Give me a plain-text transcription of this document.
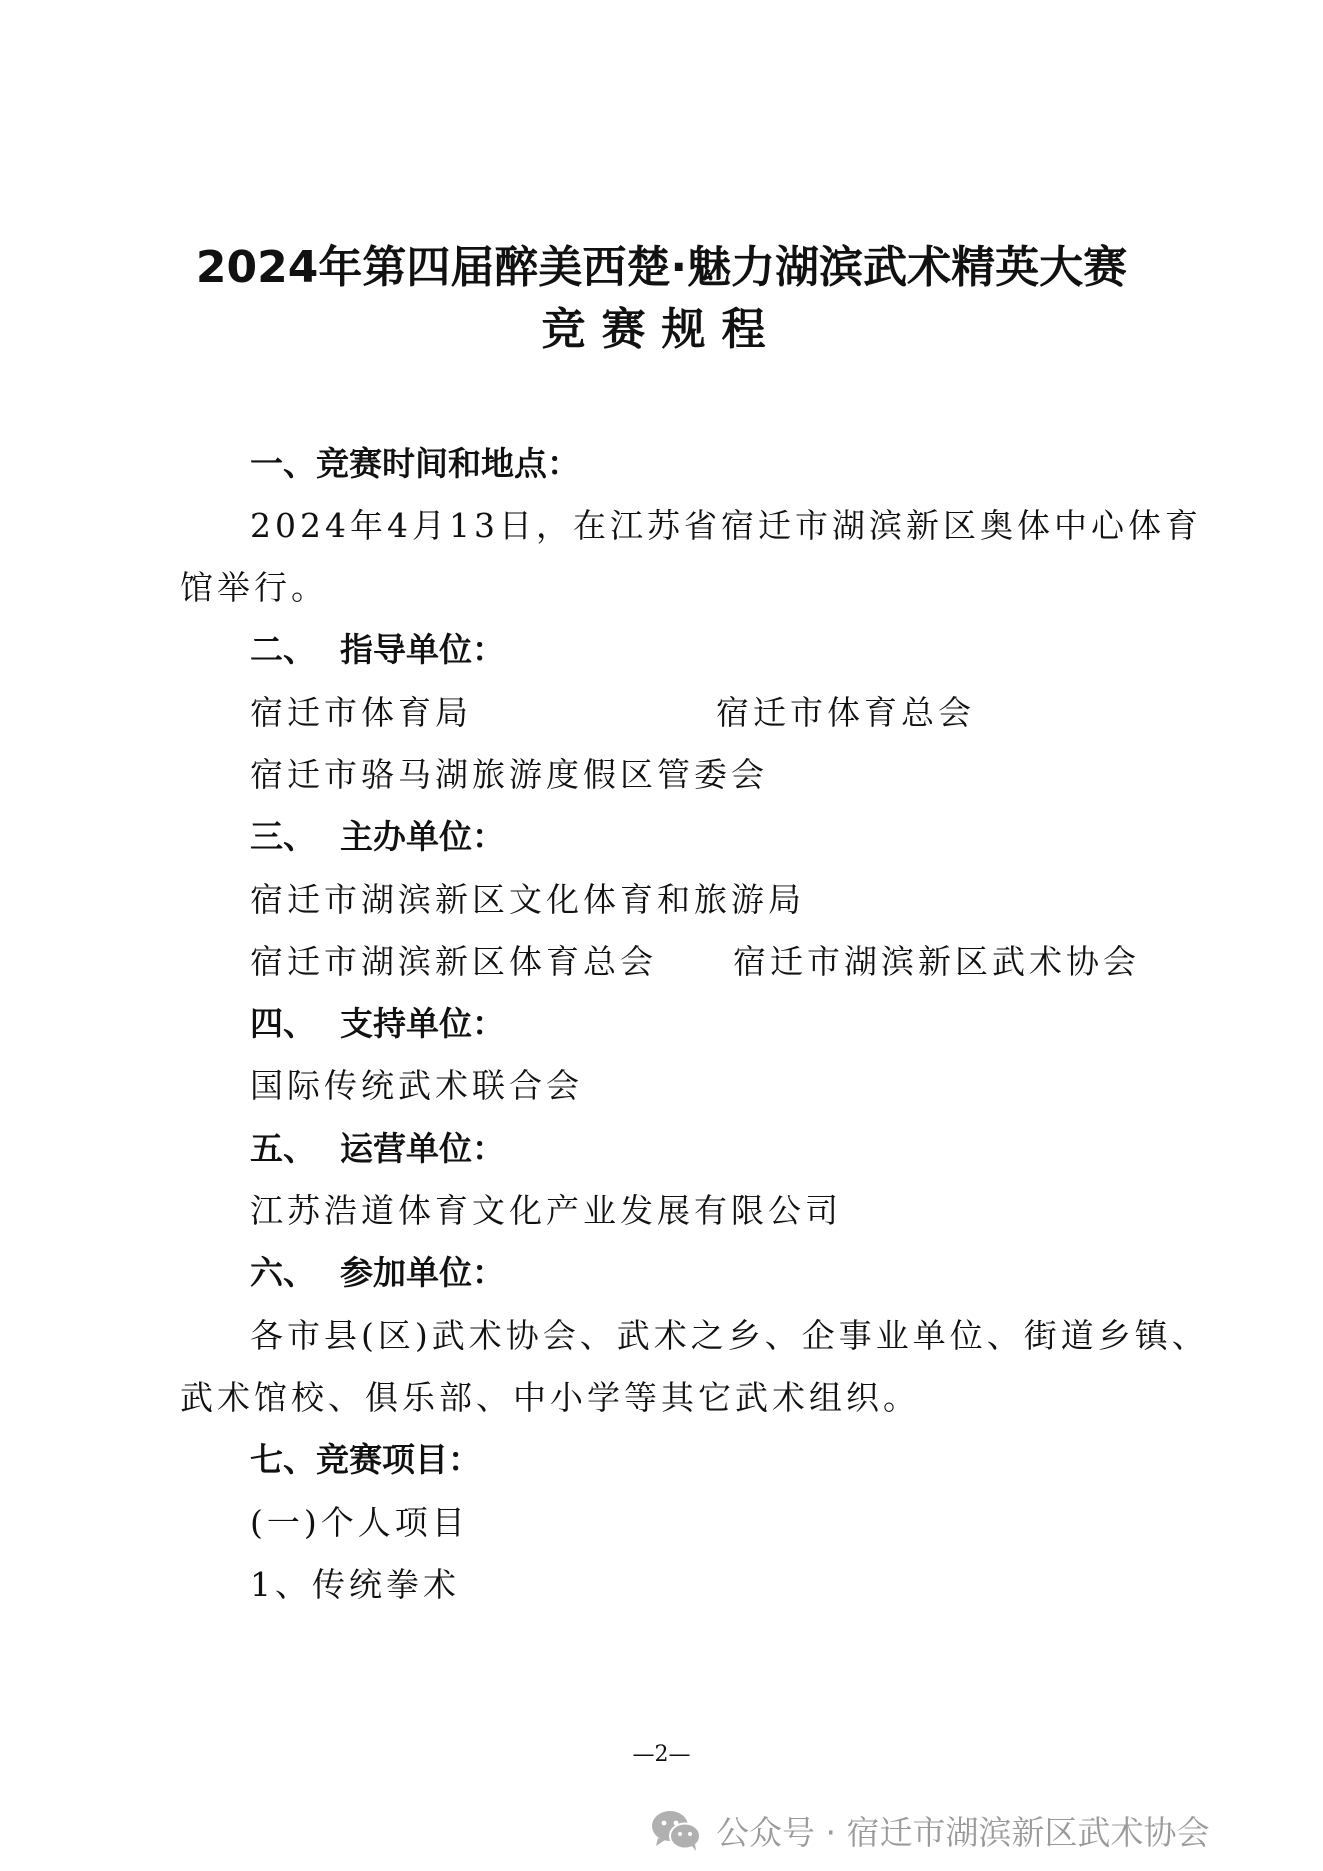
2024年第四届醉美西楚·魅力湖滨武术精英大赛
竞赛规程
一、竞赛时间和地点：
2024年4月13日，在江苏省宿迁市湖滨新区奥体中心体育
馆举行。
二、 指导单位：
宿迁市体育局	宿迁市体育总会
宿迁市骆马湖旅游度假区管委会
三、 主办单位：
宿迁市湖滨新区文化体育和旅游局
宿迁市湖滨新区体育总会 宿迁市湖滨新区武术协会
四、 支持单位：
国际传统武术联合会
五、 运营单位：
江苏浩道体育文化产业发展有限公司
六、 参加单位：
各市县(区)武术协会、武术之乡、企事业单位、街道乡镇、
武术馆校、俱乐部、中小学等其它武术组织。
七、竞赛项目：
(一)个人项目
1、传统拳术
—2—
公众号 · 宿迁市湖滨新区武术协会
